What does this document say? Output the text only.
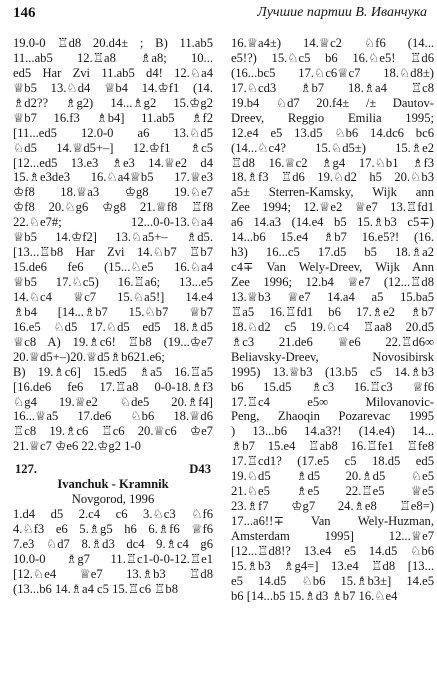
146	Лучшие партии В. Иванчука
19.0-0 ♖d8 20.d4± ; B) 11.ab5
11...ab5 12.♖a8 ♗a8; 10...
ed5 Har Zvi 11.ab5 d4! 12.♘a4
♕b5 13.♘d4 ♕b4 14.♔f1 (14.
♗d2?? ♗g2) 14...♗g2 15.♔g2
♕b7 16.f3 ♗b4] 11.ab5 ♗f2
[11...ed5 12.0-0 a6 13.♘d5
♘d5 14.♕d5+–] 12.♔f1 ♗c5
[12...ed5 13.e3 ♗e3 14.♕e2 d4
15.♗e3de3 16.♘a4♕b5 17.♕e3
♔f8 18.♕a3 ♔g8 19.♘e7
♔f8 20.♘g6 ♔g8 21.♕f8 ♖f8
22.♘e7#; 12...0-0-13.♘a4
♕b5 14.♔f2] 13.♘a5+– ♗d5.
[13...♖b8 Har Zvi 14.♘b7 ♖b7
15.de6 fe6 (15...♘e5 16.♘a4
♕b5 17.♘c5) 16.♖a6; 13...e5
14.♘c4 ♕c7 15.♘a5!] 14.e4
♗b4 [14...♗b7 15.♘b7 ♕b7
16.e5 ♘d5 17.♘d5 ed5 18.♗d5
♕c8 A) 19.♗c6! ♖b8 (19...♔e7
20.♕d5+–)20.♕d5♗b621.e6;
B) 19.♗c6] 15.ed5 ♗a5 16.♖a5
[16.de6 fe6 17.♖a8 0-0-18.♗f3
♘g4 19.♕e2 ♘de5 20.♗f4]
16...♕a5 17.de6 ♘b6 18.♕d6
♖c8 19.♗c6 ♖c6 20.♕c6 ♔e7
21.♕c7 ♔e6 22.♔g2 1-0
127.	D43
Ivanchuk - Kramnik
Novgorod, 1996
1.d4 d5 2.c4 c6 3.♘c3 ♘f6
4.♘f3 e6 5.♗g5 h6 6.♗f6 ♕f6
7.e3 ♘d7 8.♗d3 dc4 9.♗c4 g6
10.0-0 ♗g7 11.♖c1-0-0-12.♖e1
[12.♘e4 ♕e7 13.♗b3 ♖d8
(13...b6 14.♗a4 c5 15.♖c6 ♖b8
16.♕a4±) 14.♕c2 ♘f6 (14...
e5!?) 15.♘c5 b6 16.♘e5! ♖d6
(16...bc5 17.♘c6♕c7 18.♘d8±)
17.♘cd3 ♗b7 18.♗a4 ♖c8
19.b4 ♘d7 20.f4± /± Dautov-
Dreev, Reggio Emilia 1995;
12.e4 e5 13.d5 ♘b6 14.dc6 bc6
(14...♘c4? 15.♘d5±) 15.♗e2
♖d8 16.♕c2 ♗g4 17.♘b1 ♗f3
18.♗f3 ♖d6 19.♘d2 h5 20.♘b3
a5± Sterren-Kamsky, Wijk ann
Zee 1994; 12.♕e2 ♕e7 13.♖fd1
a6 14.a3 (14.e4 b5 15.♗b3 c5∓)
14...b6 15.e4 ♗b7 16.e5?! (16.
h3) 16...c5 17.d5 b5 18.♗a2
c4∓ Van Wely-Dreev, Wijk Ann
Zee 1996; 12.b4 ♕e7 (12...♖d8
13.♕b3 ♕e7 14.a4 a5 15.ba5
♖a5 16.♖fd1 b6 17.♗e2 ♗b7
18.♘d2 c5 19.♘c4 ♖aa8 20.d5
♗c3 21.de6 ♕e6 22.♖d6∞
Beliavsky-Dreev, Novosibirsk
1995) 13.♕b3 (13.b5 c5 14.♗b3
b6 15.d5 ♗c3 16.♖c3 ♕f6
17.♖c4 e5∞ Milovanovic-
Peng, Zhaoqin Pozarevac 1995
) 13...b6 14.a3?! (14.e4) 14...
♗b7 15.e4 ♖ab8 16.♖fe1 ♖fe8
17.♖cd1? (17.e5 c5 18.d5 ed5
19.♘d5 ♗d5 20.♗d5 ♘e5
21.♘e5 ♗e5 22.♖e5 ♕e5
23.♗f7 ♔g7 24.♗e8 ♖e8=)
17...a6!!∓ Van Wely-Huzman,
Amsterdam 1995] 12...♕e7
[12...♖d8!? 13.e4 e5 14.d5 ♘b6
15.♗b3 ♗g4=] 13.e4 ♖d8 [13...
e5 14.d5 ♘b6 15.♗b3±] 14.e5
b6 [14...b5 15.♗d3 ♗b7 16.♘e4
